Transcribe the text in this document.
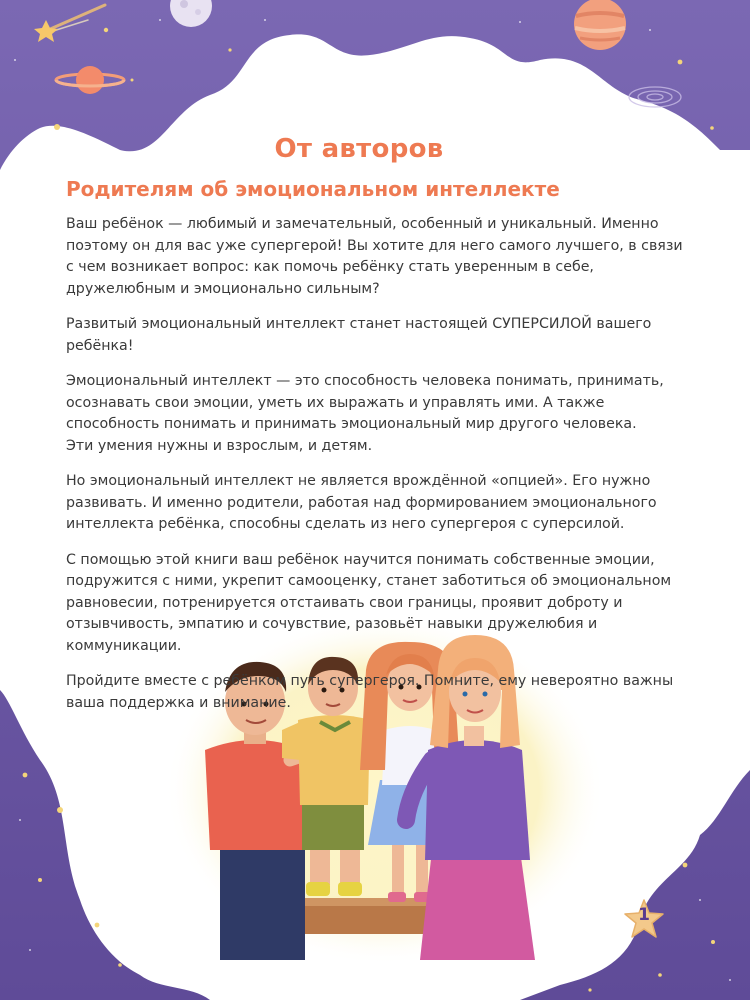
1
От авторов
Родителям об эмоциональном интеллекте

Ваш ребёнок — любимый и замечательный, особенный и уникальный. Именно поэтому он для вас уже супергерой! Вы хотите для него самого лучшего, в связи с чем возникает вопрос: как помочь ребёнку стать уверенным в себе, дружелюбным и эмоционально сильным?

Развитый эмоциональный интеллект станет настоящей СУПЕРСИЛОЙ вашего ребёнка!

Эмоциональный интеллект — это способность человека понимать, принимать, осознавать свои эмоции, уметь их выражать и управлять ими. А также способность понимать и принимать эмоциональный мир другого человека.
Эти умения нужны и взрослым, и детям.

Но эмоциональный интеллект не является врождённой «опцией». Его нужно развивать. И именно родители, работая над формированием эмоционального интеллекта ребёнка, способны сделать из него супергероя с суперсилой.

С помощью этой книги ваш ребёнок научится понимать собственные эмоции, подружится с ними, укрепит самооценку, станет заботиться об эмоциональном равновесии, потренируется отстаивать свои границы, проявит доброту и отзывчивость, эмпатию и сочувствие, разовьёт навыки дружелюбия и коммуникации.

Пройдите вместе с ребёнком путь супергероя. Помните, ему невероятно важны ваша поддержка и внимание.
